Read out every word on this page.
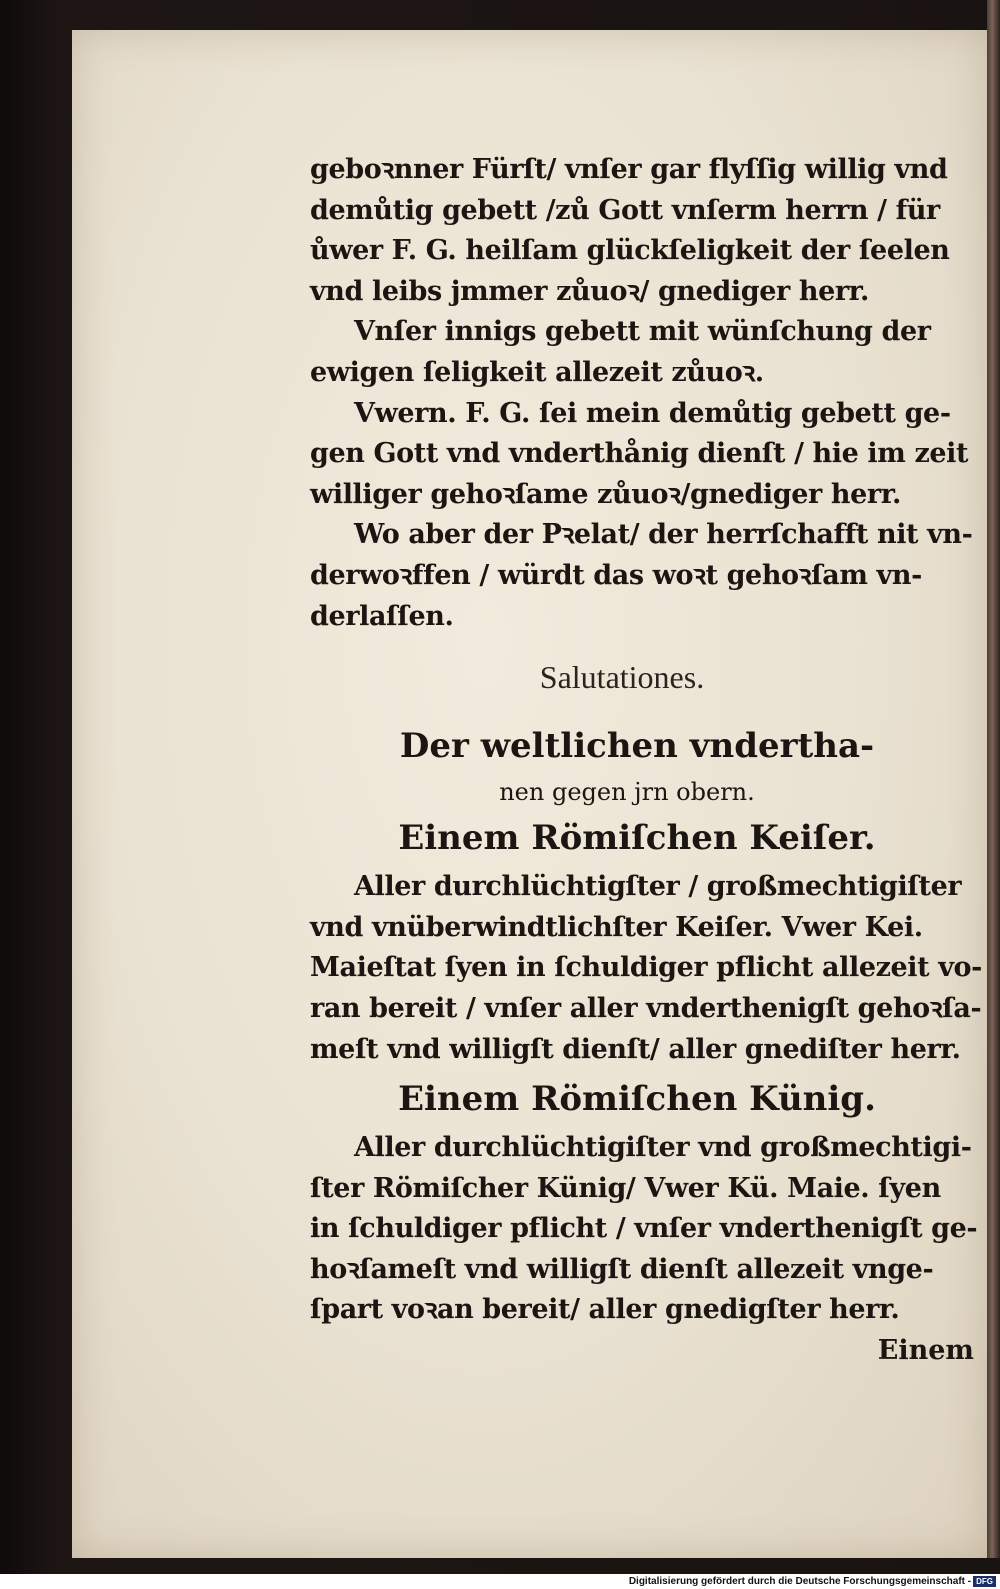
geboꝛnner Fürſt/ vnſer gar flyſſig willig vnd
demůtig gebett /zů Gott vnſerm herrn / für
ůwer F. G. heilſam glückſeligkeit der ſeelen
vnd leibs jmmer zůuoꝛ/ gnediger herr.
Vnſer innigs gebett mit wünſchung der
ewigen ſeligkeit allezeit zůuoꝛ.
Vwern. F. G. ſei mein demůtig gebett ge-
gen Gott vnd vnderthånig dienſt / hie im zeit
williger gehoꝛſame zůuoꝛ/gnediger herr.
Wo aber der Pꝛelat/ der herrſchafft nit vn-
derwoꝛffen / würdt das woꝛt gehoꝛſam vn-
derlaſſen.
Salutationes.
Der weltlichen vndertha-
nen gegen jrn obern.
Einem Römiſchen Keiſer.
Aller durchlüchtigſter / großmechtigiſter
vnd vnüberwindtlichſter Keiſer. Vwer Kei.
Maieſtat ſyen in ſchuldiger pflicht allezeit vo-
ran bereit / vnſer aller vnderthenigſt gehoꝛſa-
meſt vnd willigſt dienſt/ aller gnediſter herr.
Einem Römiſchen Künig.
Aller durchlüchtigiſter vnd großmechtigi-
ſter Römiſcher Künig/ Vwer Kü. Maie. ſyen
in ſchuldiger pflicht / vnſer vnderthenigſt ge-
hoꝛſameſt vnd willigſt dienſt allezeit vnge-
ſpart voꝛan bereit/ aller gnedigſter herr.
Einem
Digitalisierung gefördert durch die Deutsche Forschungsgemeinschaft - DFG
